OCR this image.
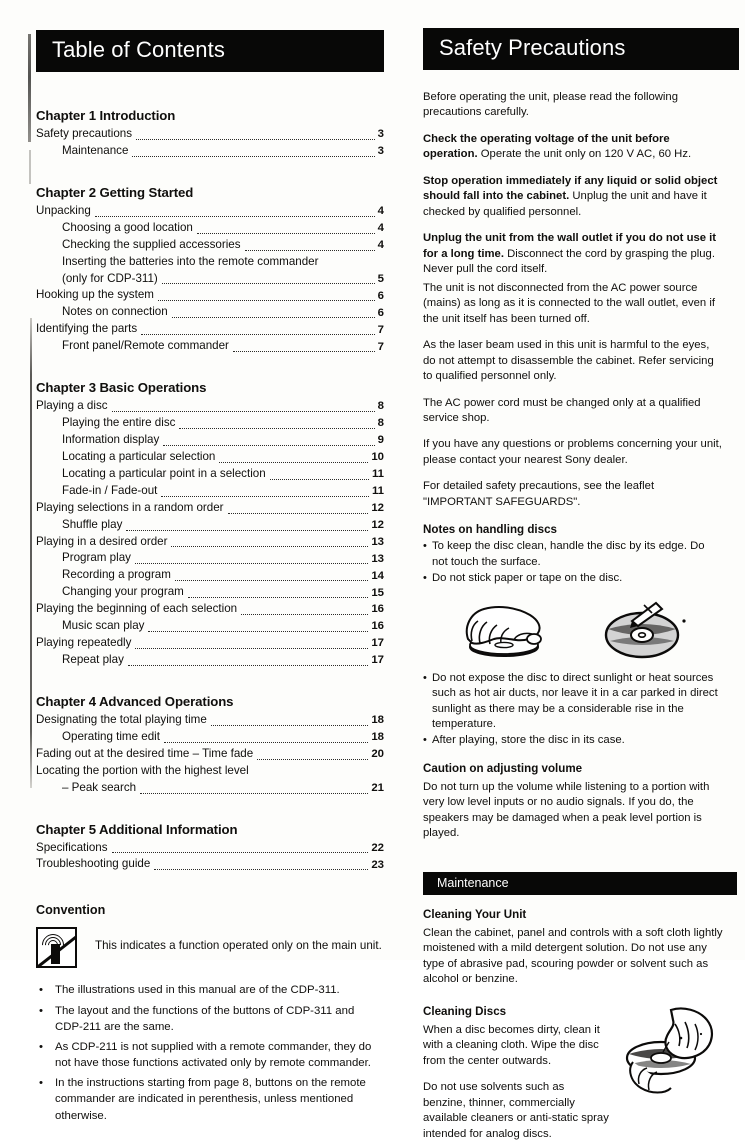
Table of Contents
Chapter 1 Introduction
Safety precautions	3
Maintenance	3
Chapter 2 Getting Started
Unpacking	4
Choosing a good location	4
Checking the supplied accessories	4
Inserting the batteries into the remote commander
(only for CDP-311)	5
Hooking up the system	6
Notes on connection	6
Identifying the parts	7
Front panel/Remote commander	7
Chapter 3 Basic Operations
Playing a disc	8
Playing the entire disc	8
Information display	9
Locating a particular selection	10
Locating a particular point in a selection	11
Fade-in / Fade-out	11
Playing selections in a random order	12
Shuffle play	12
Playing in a desired order	13
Program play	13
Recording a program	14
Changing your program	15
Playing the beginning of each selection	16
Music scan play	16
Playing repeatedly	17
Repeat play	17
Chapter 4 Advanced Operations
Designating the total playing time	18
Operating time edit	18
Fading out at the desired time – Time fade	20
Locating the portion with the highest level
– Peak search	21
Chapter 5 Additional Information
Specifications	22
Troubleshooting guide	23
Convention
This indicates a function operated only on the main unit.
•	The illustrations used in this manual are of the CDP-311.
•	The layout and the functions of the buttons of CDP-311 and CDP-211 are the same.
•	As CDP-211 is not supplied with a remote commander, they do not have those functions activated only by remote commander.
•	In the instructions starting from page 8, buttons on the remote commander are indicated in perenthesis, unless mentioned otherwise.
Safety Precautions
Before operating the unit, please read the following precautions carefully.
Check the operating voltage of the unit before operation. Operate the unit only on 120 V AC, 60 Hz.
Stop operation immediately if any liquid or solid object should fall into the cabinet. Unplug the unit and have it checked by qualified personnel.
Unplug the unit from the wall outlet if you do not use it for a long time. Disconnect the cord by grasping the plug. Never pull the cord itself.
The unit is not disconnected from the AC power source (mains) as long as it is connected to the wall outlet, even if the unit itself has been turned off.
As the laser beam used in this unit is harmful to the eyes, do not attempt to disassemble the cabinet. Refer servicing to qualified personnel only.
The AC power cord must be changed only at a qualified service shop.
If you have any questions or problems concerning your unit, please contact your nearest Sony dealer.
For detailed safety precautions, see the leaflet "IMPORTANT SAFEGUARDS".
Notes on handling discs
• To keep the disc clean, handle the disc by its edge. Do not touch the surface.
• Do not stick paper or tape on the disc.
• Do not expose the disc to direct sunlight or heat sources such as hot air ducts, nor leave it in a car parked in direct sunlight as there may be a considerable rise in the temperature.
• After playing, store the disc in its case.
Caution on adjusting volume
Do not turn up the volume while listening to a portion with very low level inputs or no audio signals. If you do, the speakers may be damaged when a peak level portion is played.
Maintenance
Cleaning Your Unit
Clean the cabinet, panel and controls with a soft cloth lightly moistened with a mild detergent solution. Do not use any type of abrasive pad, scouring powder or solvent such as alcohol or benzine.
Cleaning Discs
When a disc becomes dirty, clean it with a cleaning cloth. Wipe the disc from the center outwards.
Do not use solvents such as benzine, thinner, commercially available cleaners or anti-static spray intended for analog discs.
